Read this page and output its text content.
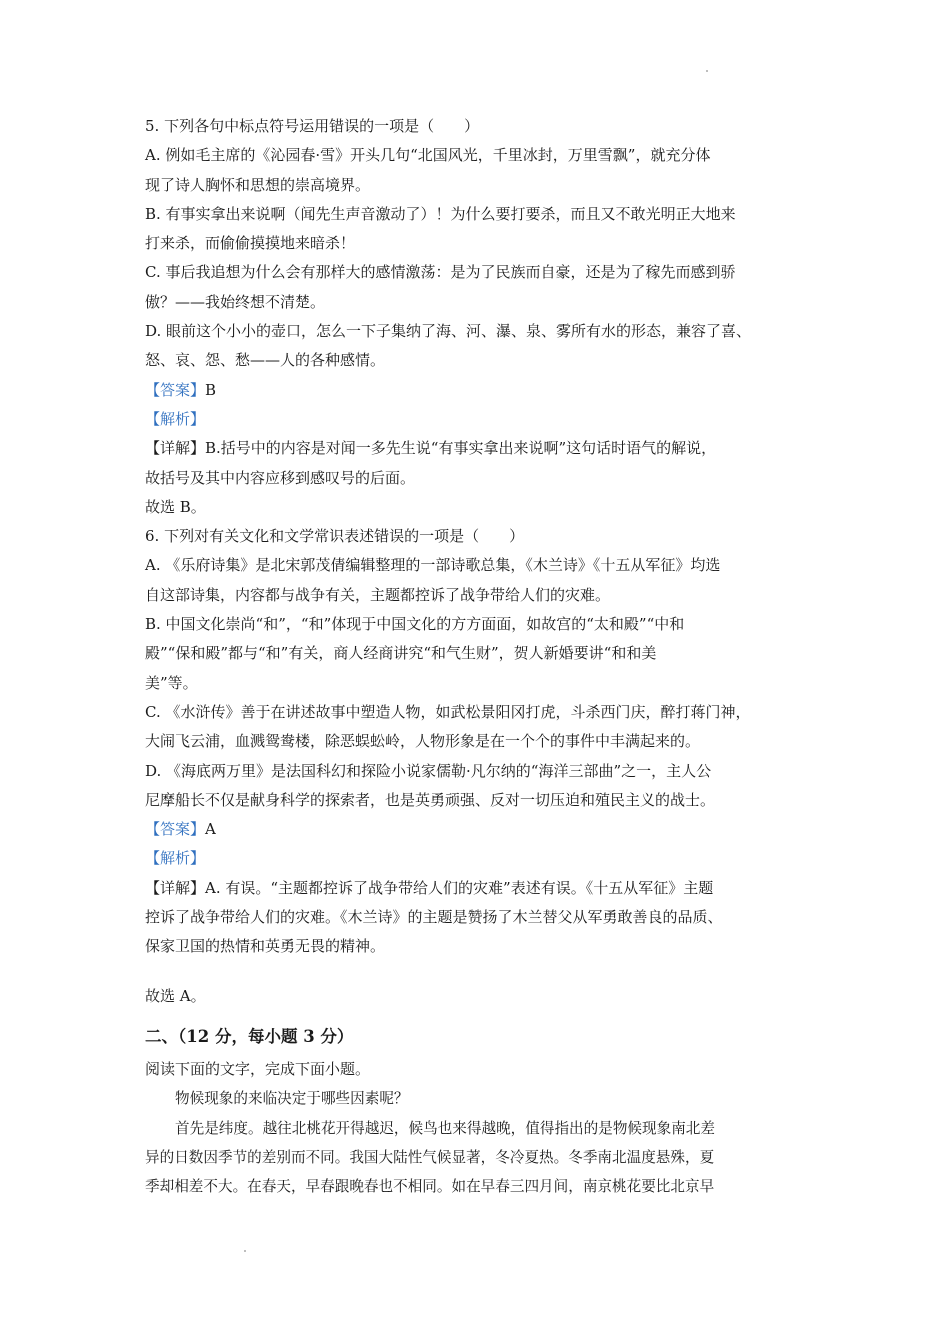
5. 下列各句中标点符号运用错误的一项是（　　）
A. 例如毛主席的《沁园春·雪》开头几句“北国风光，千里冰封，万里雪飘”，就充分体
现了诗人胸怀和思想的崇高境界。
B. 有事实拿出来说啊（闻先生声音激动了）！为什么要打要杀，而且又不敢光明正大地来
打来杀，而偷偷摸摸地来暗杀！
C. 事后我追想为什么会有那样大的感情激荡：是为了民族而自豪，还是为了稼先而感到骄
傲？——我始终想不清楚。
D. 眼前这个小小的壶口，怎么一下子集纳了海、河、瀑、泉、雾所有水的形态，兼容了喜、
怒、哀、怨、愁——人的各种感情。
【答案】B
【解析】
【详解】B.括号中的内容是对闻一多先生说“有事实拿出来说啊”这句话时语气的解说，
故括号及其中内容应移到感叹号的后面。
故选 B。
6. 下列对有关文化和文学常识表述错误的一项是（　　）
A. 《乐府诗集》是北宋郭茂倩编辑整理的一部诗歌总集，《木兰诗》《十五从军征》均选
自这部诗集，内容都与战争有关，主题都控诉了战争带给人们的灾难。
B. 中国文化崇尚“和”，“和”体现于中国文化的方方面面，如故宫的“太和殿”“中和
殿”“保和殿”都与“和”有关，商人经商讲究“和气生财”，贺人新婚要讲“和和美
美”等。
C. 《水浒传》善于在讲述故事中塑造人物，如武松景阳冈打虎，斗杀西门庆，醉打蒋门神，
大闹飞云浦，血溅鸳鸯楼，除恶蜈蚣岭，人物形象是在一个个的事件中丰满起来的。
D. 《海底两万里》是法国科幻和探险小说家儒勒·凡尔纳的“海洋三部曲”之一，主人公
尼摩船长不仅是献身科学的探索者，也是英勇顽强、反对一切压迫和殖民主义的战士。
【答案】A
【解析】
【详解】A. 有误。“主题都控诉了战争带给人们的灾难”表述有误。《十五从军征》主题
控诉了战争带给人们的灾难。《木兰诗》的主题是赞扬了木兰替父从军勇敢善良的品质、
保家卫国的热情和英勇无畏的精神。
故选 A。
二、（12 分，每小题 3 分）
阅读下面的文字，完成下面小题。
物候现象的来临决定于哪些因素呢？
首先是纬度。越往北桃花开得越迟，候鸟也来得越晚，值得指出的是物候现象南北差
异的日数因季节的差别而不同。我国大陆性气候显著，冬冷夏热。冬季南北温度悬殊，夏
季却相差不大。在春天，早春跟晚春也不相同。如在早春三四月间，南京桃花要比北京早
